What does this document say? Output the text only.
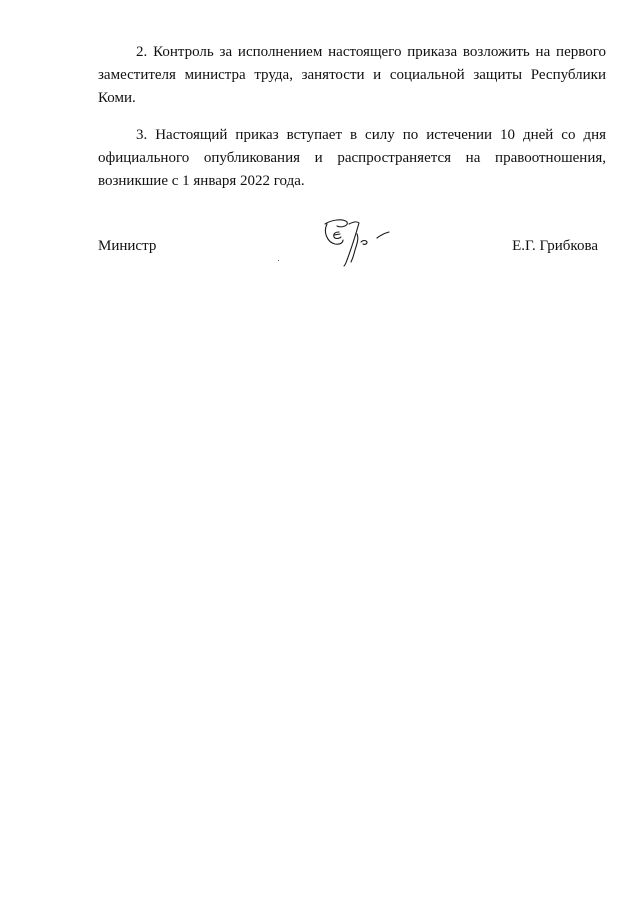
2. Контроль за исполнением настоящего приказа возложить на первого заместителя министра труда, занятости и социальной защиты Республики Коми.

3. Настоящий приказ вступает в силу по истечении 10 дней со дня официального опубликования и распространяется на правоотношения, возникшие с 1 января 2022 года.

Министр	Е.Г. Грибкова
